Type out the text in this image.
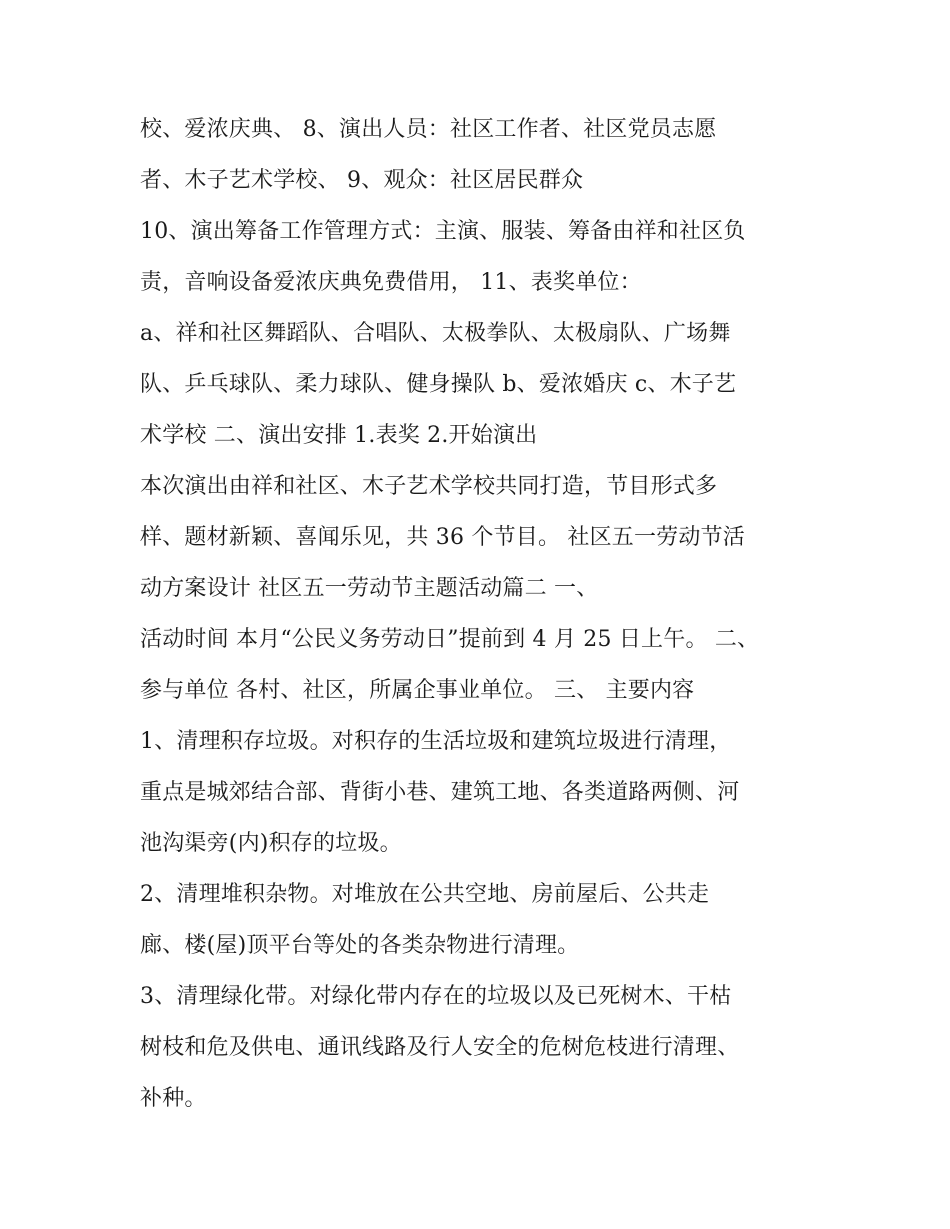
校、爱浓庆典、 8、演出人员：社区工作者、社区党员志愿
者、木子艺术学校、 9、观众：社区居民群众
10、演出筹备工作管理方式：主演、服装、筹备由祥和社区负
责，音响设备爱浓庆典免费借用， 11、表奖单位：
a、祥和社区舞蹈队、合唱队、太极拳队、太极扇队、广场舞
队、乒乓球队、柔力球队、健身操队 b、爱浓婚庆 c、木子艺
术学校 二、演出安排 1.表奖 2.开始演出
本次演出由祥和社区、木子艺术学校共同打造，节目形式多
样、题材新颖、喜闻乐见，共 36 个节目。 社区五一劳动节活
动方案设计 社区五一劳动节主题活动篇二 一、
活动时间 本月“公民义务劳动日”提前到 4 月 25 日上午。 二、
参与单位 各村、社区，所属企事业单位。 三、 主要内容
1、清理积存垃圾。对积存的生活垃圾和建筑垃圾进行清理，
重点是城郊结合部、背街小巷、建筑工地、各类道路两侧、河
池沟渠旁(内)积存的垃圾。
2、清理堆积杂物。对堆放在公共空地、房前屋后、公共走
廊、楼(屋)顶平台等处的各类杂物进行清理。
3、清理绿化带。对绿化带内存在的垃圾以及已死树木、干枯
树枝和危及供电、通讯线路及行人安全的危树危枝进行清理、
补种。
